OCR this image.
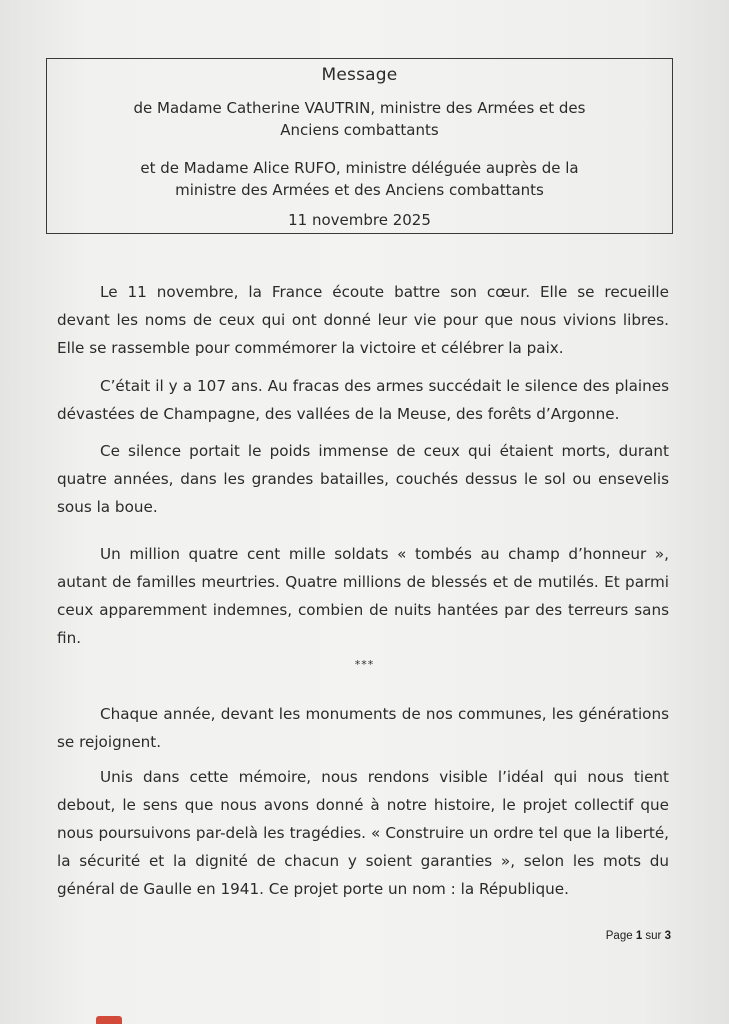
Message
de Madame Catherine VAUTRIN, ministre des Armées et des Anciens combattants
et de Madame Alice RUFO, ministre déléguée auprès de la ministre des Armées et des Anciens combattants
11 novembre 2025

Le 11 novembre, la France écoute battre son cœur. Elle se recueille devant les noms de ceux qui ont donné leur vie pour que nous vivions libres. Elle se rassemble pour commémorer la victoire et célébrer la paix.

C’était il y a 107 ans. Au fracas des armes succédait le silence des plaines dévastées de Champagne, des vallées de la Meuse, des forêts d’Argonne.

Ce silence portait le poids immense de ceux qui étaient morts, durant quatre années, dans les grandes batailles, couchés dessus le sol ou ensevelis sous la boue.

Un million quatre cent mille soldats « tombés au champ d’honneur », autant de familles meurtries. Quatre millions de blessés et de mutilés. Et parmi ceux apparemment indemnes, combien de nuits hantées par des terreurs sans fin.

***

Chaque année, devant les monuments de nos communes, les générations se rejoignent.

Unis dans cette mémoire, nous rendons visible l’idéal qui nous tient debout, le sens que nous avons donné à notre histoire, le projet collectif que nous poursuivons par-delà les tragédies. « Construire un ordre tel que la liberté, la sécurité et la dignité de chacun y soient garanties », selon les mots du général de Gaulle en 1941. Ce projet porte un nom : la République.

Page 1 sur 3
